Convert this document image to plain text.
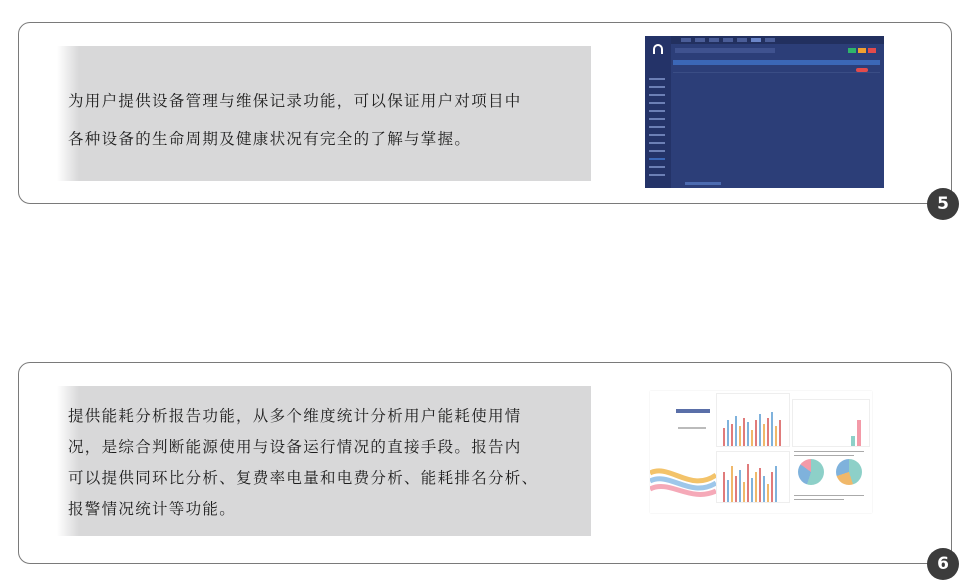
为用户提供设备管理与维保记录功能，可以保证用户对项目中
各种设备的生命周期及健康状况有完全的了解与掌握。
5
提供能耗分析报告功能，从多个维度统计分析用户能耗使用情
况，是综合判断能源使用与设备运行情况的直接手段。报告内
可以提供同环比分析、复费率电量和电费分析、能耗排名分析、
报警情况统计等功能。
6
